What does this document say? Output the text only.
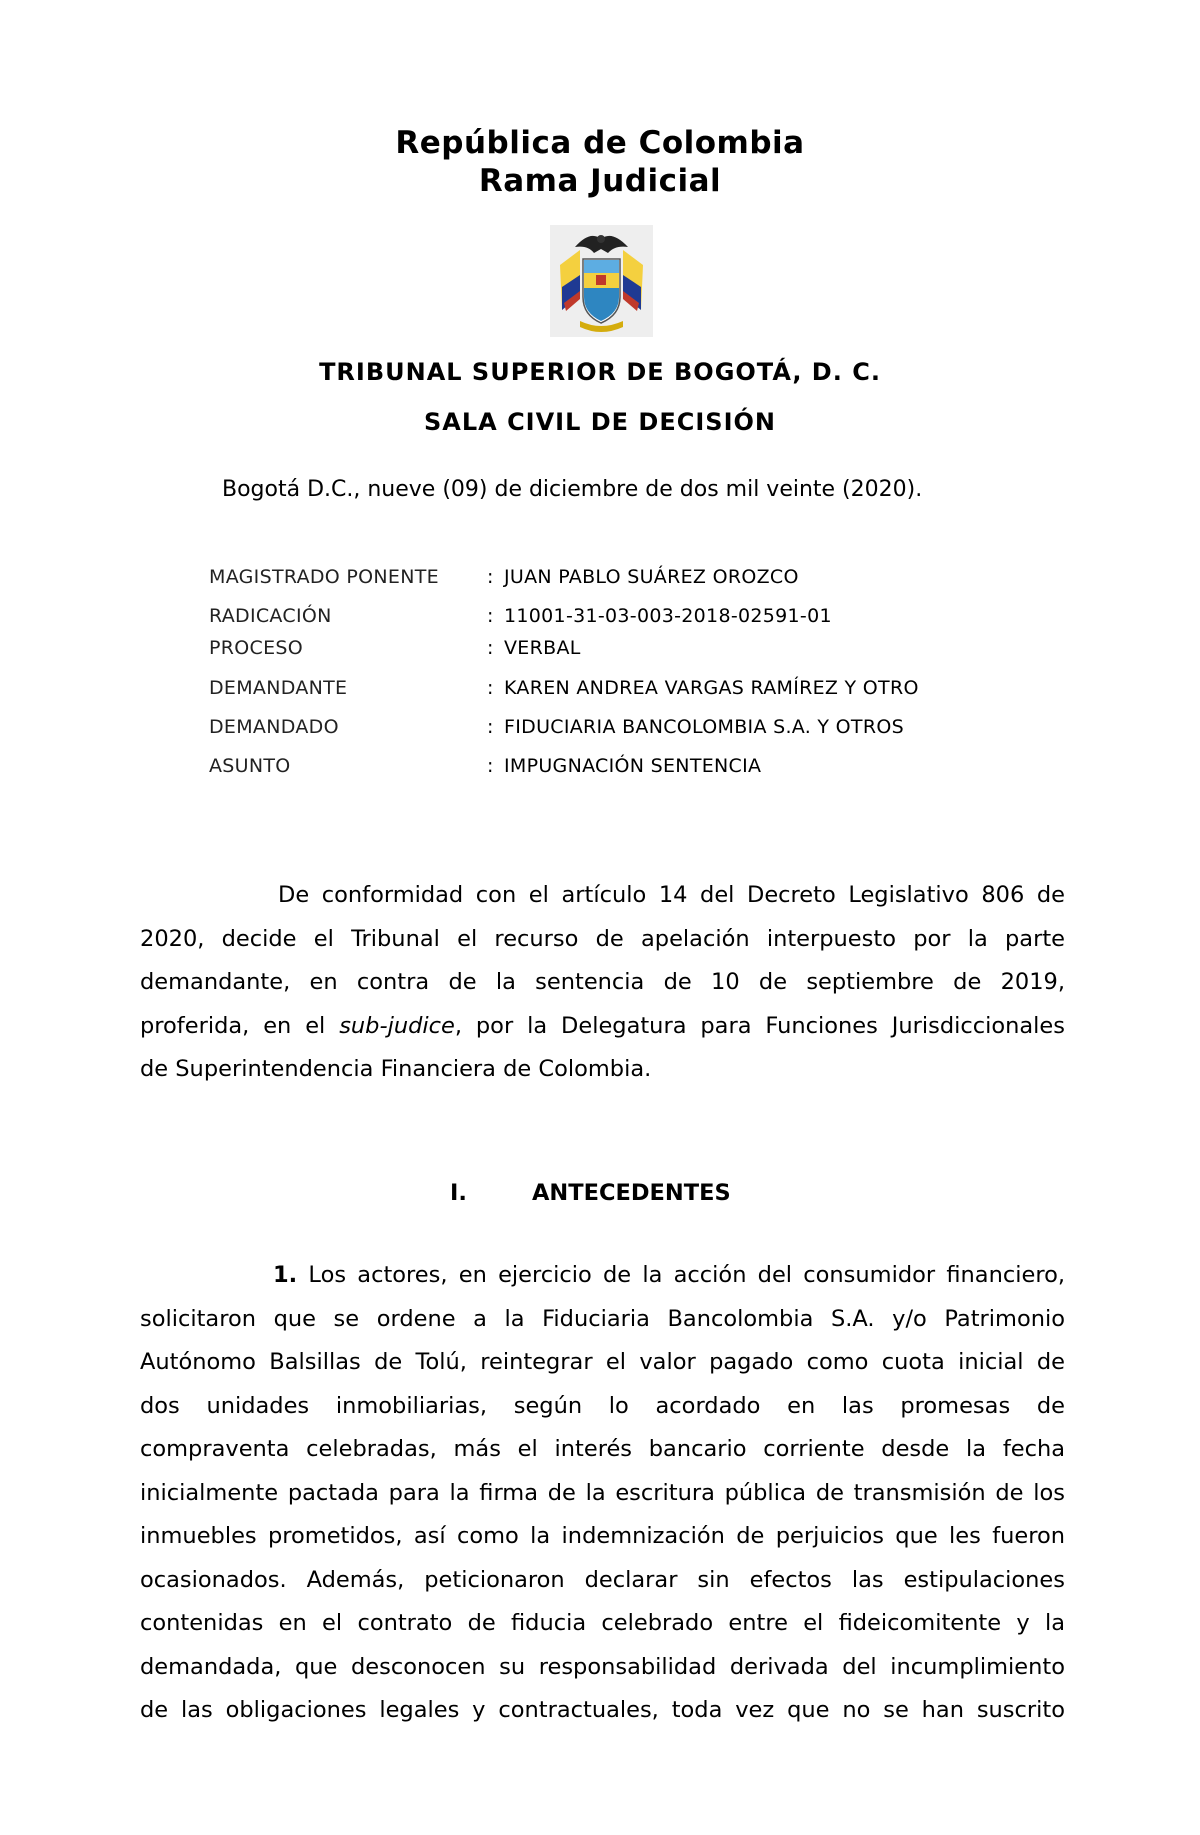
República de Colombia
Rama Judicial
TRIBUNAL SUPERIOR DE BOGOTÁ, D. C.
SALA CIVIL DE DECISIÓN
Bogotá D.C., nueve (09) de diciembre de dos mil veinte (2020).
MAGISTRADO PONENTE	: JUAN PABLO SUÁREZ OROZCO
RADICACIÓN	: 11001-31-03-003-2018-02591-01
PROCESO	: VERBAL
DEMANDANTE	: KAREN ANDREA VARGAS RAMÍREZ Y OTRO
DEMANDADO	: FIDUCIARIA BANCOLOMBIA S.A. Y OTROS
ASUNTO	: IMPUGNACIÓN SENTENCIA
De conformidad con el artículo 14 del Decreto Legislativo 806 de
2020, decide el Tribunal el recurso de apelación interpuesto por la parte
demandante, en contra de la sentencia de 10 de septiembre de 2019,
proferida, en el sub-judice, por la Delegatura para Funciones Jurisdiccionales
de Superintendencia Financiera de Colombia.
I.	ANTECEDENTES
1. Los actores, en ejercicio de la acción del consumidor financiero,
solicitaron que se ordene a la Fiduciaria Bancolombia S.A. y/o Patrimonio
Autónomo Balsillas de Tolú, reintegrar el valor pagado como cuota inicial de
dos unidades inmobiliarias, según lo acordado en las promesas de
compraventa celebradas, más el interés bancario corriente desde la fecha
inicialmente pactada para la firma de la escritura pública de transmisión de los
inmuebles prometidos, así como la indemnización de perjuicios que les fueron
ocasionados. Además, peticionaron declarar sin efectos las estipulaciones
contenidas en el contrato de fiducia celebrado entre el fideicomitente y la
demandada, que desconocen su responsabilidad derivada del incumplimiento
de las obligaciones legales y contractuales, toda vez que no se han suscrito
